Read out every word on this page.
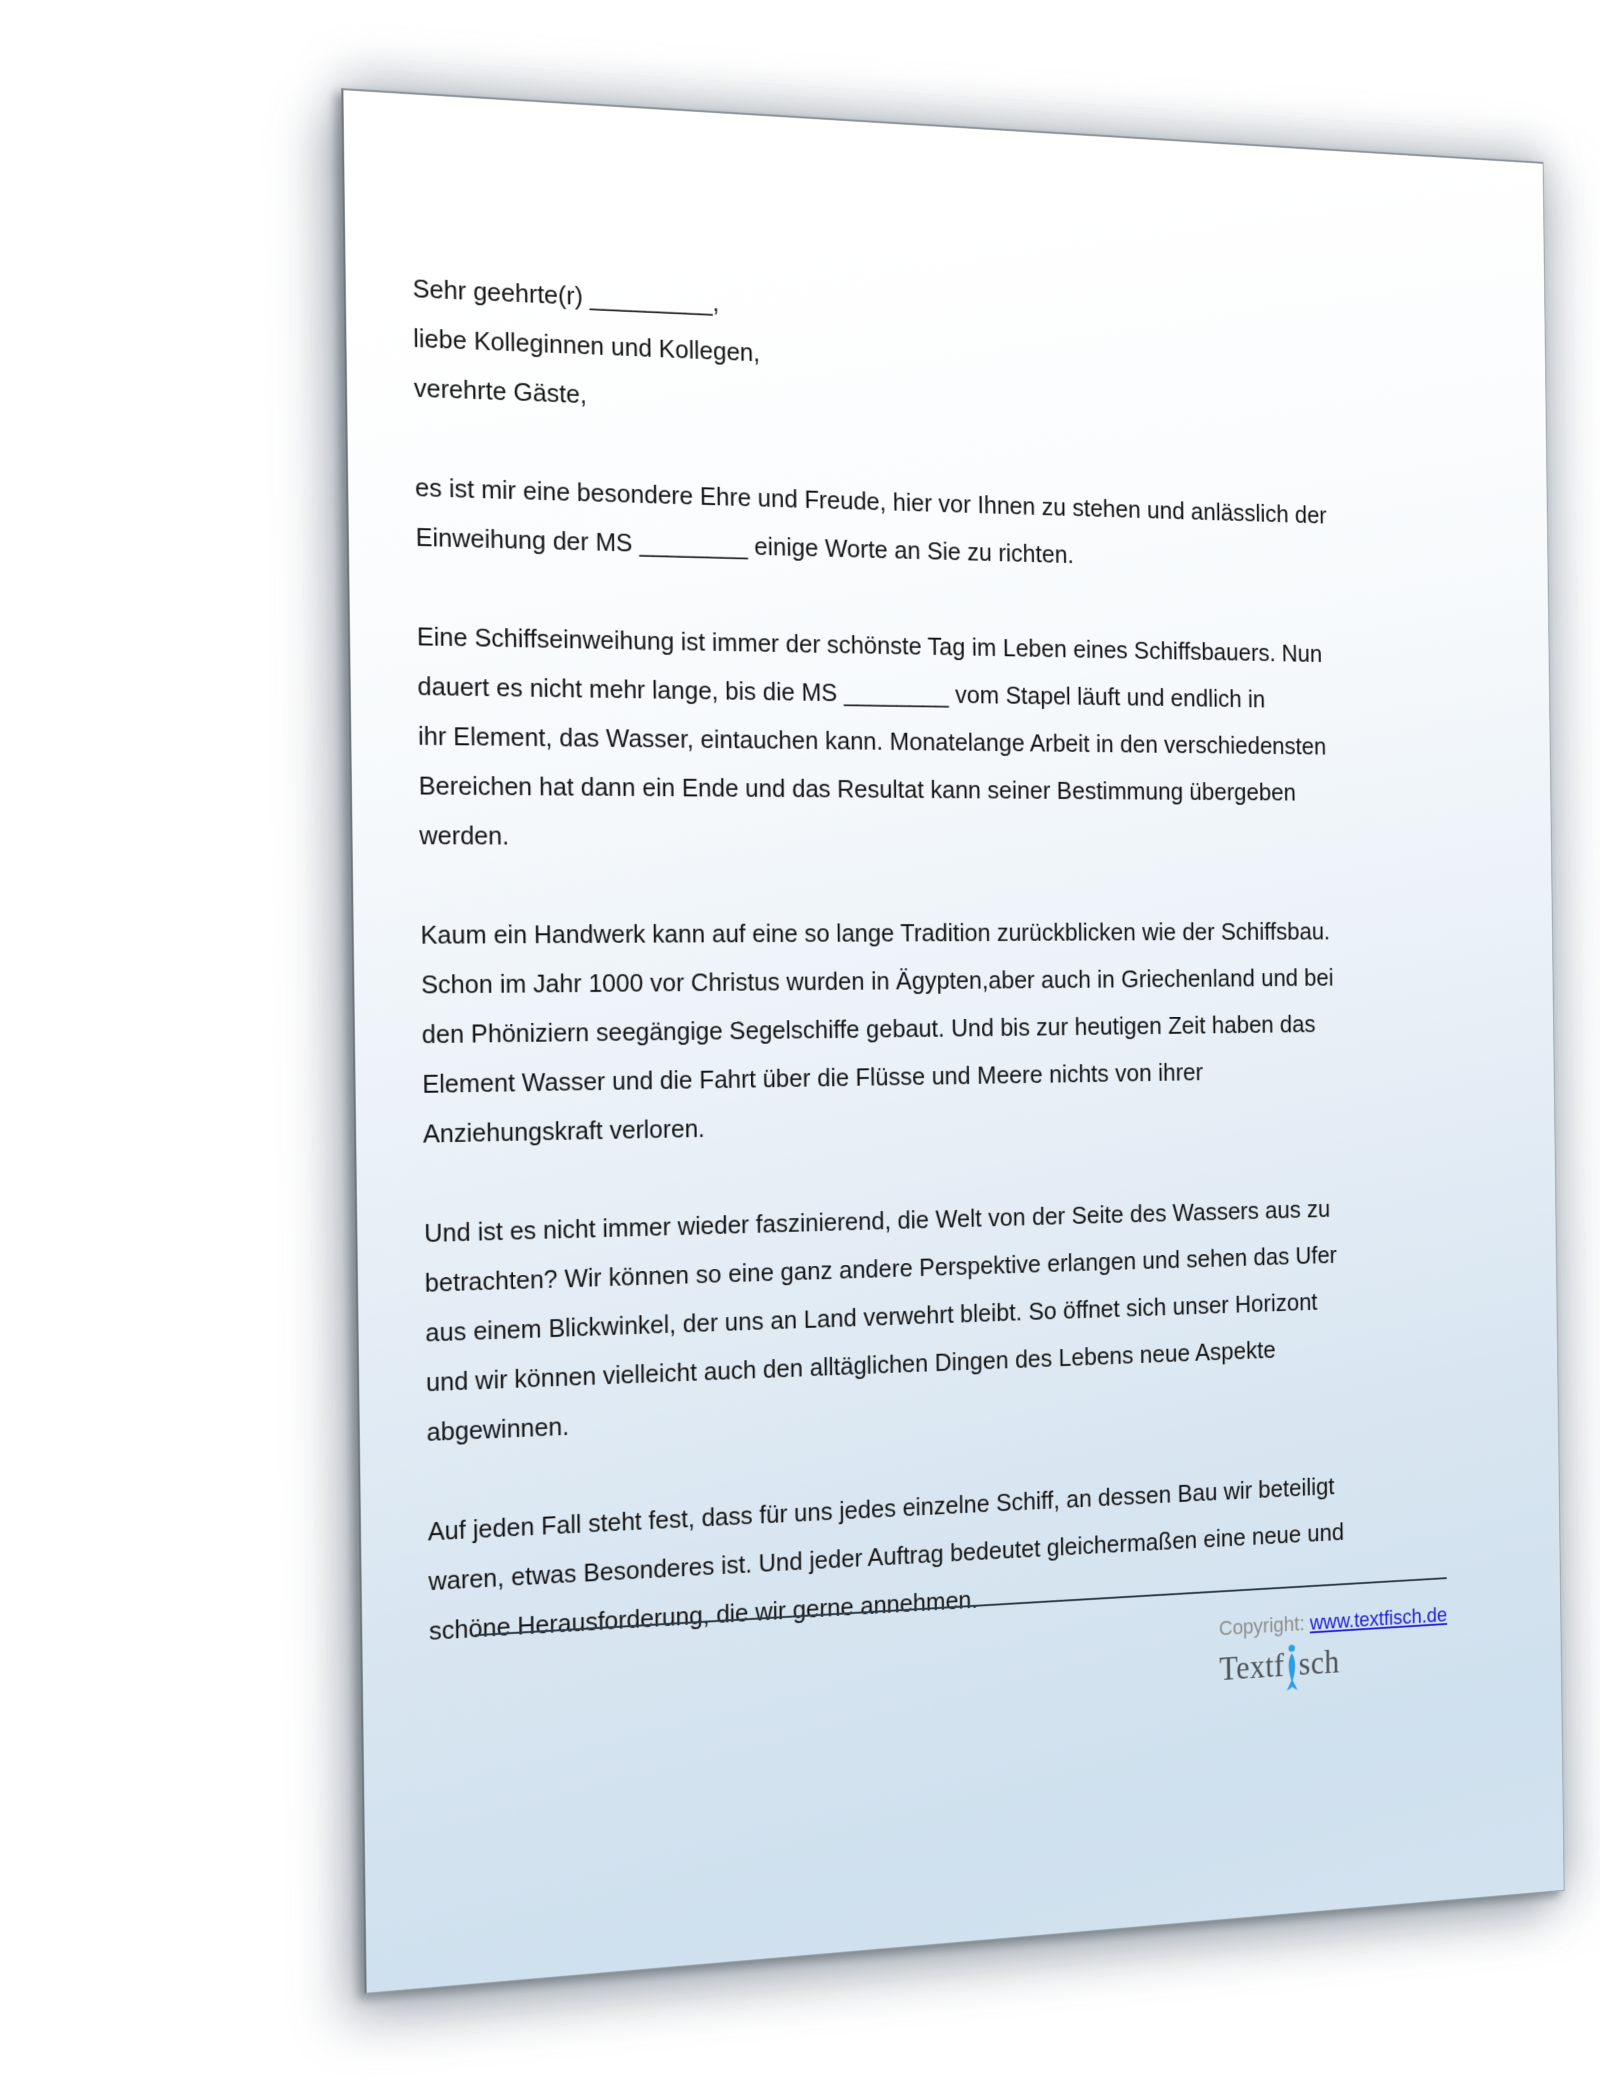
Sehr geehrte(r) _________,
liebe Kolleginnen und Kollegen,
verehrte Gäste,

es ist mir eine besondere Ehre und Freude, hier vor Ihnen zu stehen und anlässlich der
Einweihung der MS ________ einige Worte an Sie zu richten.

Eine Schiffseinweihung ist immer der schönste Tag im Leben eines Schiffsbauers. Nun
dauert es nicht mehr lange, bis die MS ________ vom Stapel läuft und endlich in
ihr Element, das Wasser, eintauchen kann. Monatelange Arbeit in den verschiedensten
Bereichen hat dann ein Ende und das Resultat kann seiner Bestimmung übergeben
werden.

Kaum ein Handwerk kann auf eine so lange Tradition zurückblicken wie der Schiffsbau.
Schon im Jahr 1000 vor Christus wurden in Ägypten,aber auch in Griechenland und bei
den Phöniziern seegängige Segelschiffe gebaut. Und bis zur heutigen Zeit haben das
Element Wasser und die Fahrt über die Flüsse und Meere nichts von ihrer
Anziehungskraft verloren.

Und ist es nicht immer wieder faszinierend, die Welt von der Seite des Wassers aus zu
betrachten? Wir können so eine ganz andere Perspektive erlangen und sehen das Ufer
aus einem Blickwinkel, der uns an Land verwehrt bleibt. So öffnet sich unser Horizont
und wir können vielleicht auch den alltäglichen Dingen des Lebens neue Aspekte
abgewinnen.

Auf jeden Fall steht fest, dass für uns jedes einzelne Schiff, an dessen Bau wir beteiligt
waren, etwas Besonderes ist. Und jeder Auftrag bedeutet gleichermaßen eine neue und
schöne Herausforderung, die wir gerne annehmen.	Copyright: www.textfisch.de
Textf sch
